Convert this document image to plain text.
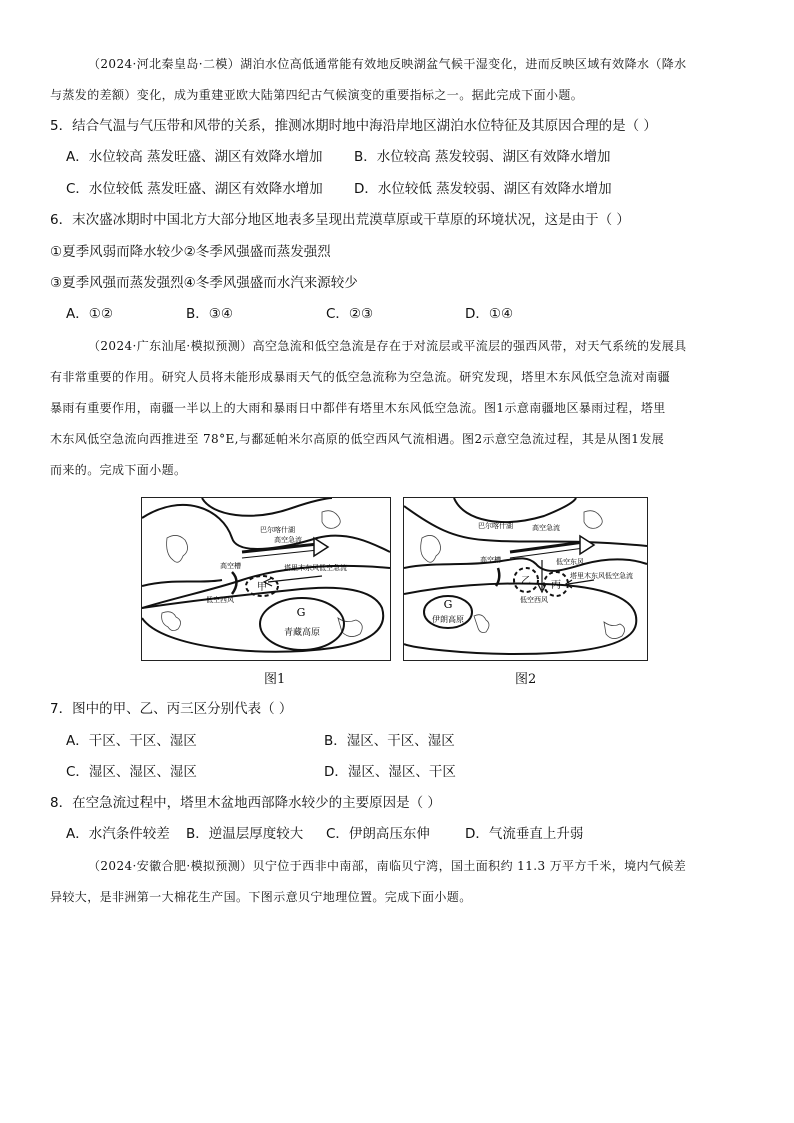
（2024·河北秦皇岛·二模）湖泊水位高低通常能有效地反映湖盆气候干湿变化，进而反映区域有效降水（降水
与蒸发的差额）变化，成为重建亚欧大陆第四纪古气候演变的重要指标之一。据此完成下面小题。
5．结合气温与气压带和风带的关系，推测冰期时地中海沿岸地区湖泊水位特征及其原因合理的是（ ）
A．水位较高 蒸发旺盛、湖区有效降水增加 B．水位较高 蒸发较弱、湖区有效降水增加
C．水位较低 蒸发旺盛、湖区有效降水增加 D．水位较低 蒸发较弱、湖区有效降水增加
6．末次盛冰期时中国北方大部分地区地表多呈现出荒漠草原或干草原的环境状况，这是由于（ ）
①夏季风弱而降水较少②冬季风强盛而蒸发强烈
③夏季风强而蒸发强烈④冬季风强盛而水汽来源较少
A．①②	B．③④	C．②③	D．①④
（2024·广东汕尾·模拟预测）高空急流和低空急流是存在于对流层或平流层的强西风带，对天气系统的发展具
有非常重要的作用。研究人员将未能形成暴雨天气的低空急流称为空急流。研究发现，塔里木东风低空急流对南疆
暴雨有重要作用，南疆一半以上的大雨和暴雨日中都伴有塔里木东风低空急流。图1示意南疆地区暴雨过程，塔里
木东风低空急流向西推进至 78°E,与鄱延帕米尔高原的低空西风气流相遇。图2示意空急流过程，其是从图1发展
而来的。完成下面小题。
G
青藏高原
巴尔喀什湖
高空急流
高空槽	塔里木东风低空急流
甲
低空西风
图1
G
伊朗高原
巴尔喀什湖	高空急流
高空槽
乙 丙
低空东风
塔里木东风低空急流
低空西风
图2
7．图中的甲、乙、丙三区分别代表（ ）
A．干区、干区、湿区	B．湿区、干区、湿区
C．湿区、湿区、湿区	D．湿区、湿区、干区
8．在空急流过程中，塔里木盆地西部降水较少的主要原因是（ ）
A．水汽条件较差 B．逆温层厚度较大 C．伊朗高压东伸	D．气流垂直上升弱
（2024·安徽合肥·模拟预测）贝宁位于西非中南部，南临贝宁湾，国土面积约 11.3 万平方千米，境内气候差
异较大，是非洲第一大棉花生产国。下图示意贝宁地理位置。完成下面小题。
